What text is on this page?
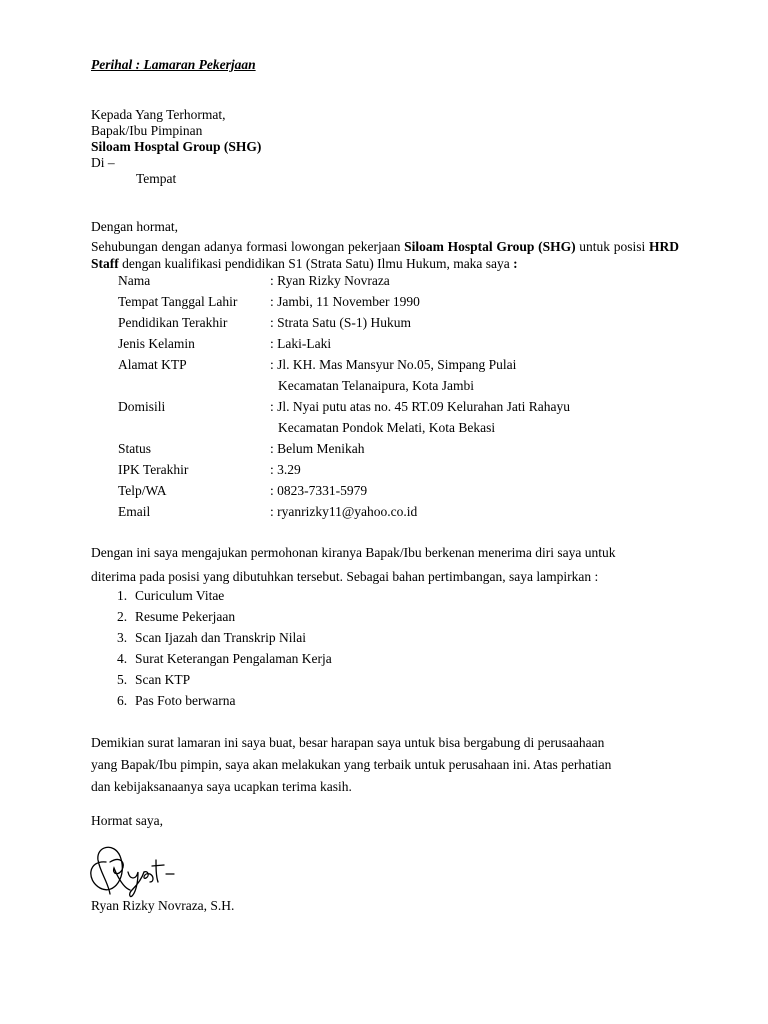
Perihal : Lamaran Pekerjaan
Kepada Yang Terhormat,
Bapak/Ibu Pimpinan
Siloam Hosptal Group (SHG)
Di –
Tempat
Dengan hormat,
Sehubungan dengan adanya formasi lowongan pekerjaan Siloam Hosptal Group (SHG) untuk posisi HRD Staff dengan kualifikasi pendidikan S1 (Strata Satu) Ilmu Hukum, maka saya :
Nama	: Ryan Rizky Novraza
Tempat Tanggal Lahir : Jambi, 11 November 1990
Pendidikan Terakhir	: Strata Satu (S-1) Hukum
Jenis Kelamin	: Laki-Laki
Alamat KTP	: Jl. KH. Mas Mansyur No.05, Simpang Pulai
Kecamatan Telanaipura, Kota Jambi
Domisili	: Jl. Nyai putu atas no. 45 RT.09 Kelurahan Jati Rahayu
Kecamatan Pondok Melati, Kota Bekasi
Status	: Belum Menikah
IPK Terakhir	: 3.29
Telp/WA	: 0823-7331-5979
Email	: ryanrizky11@yahoo.co.id
Dengan ini saya mengajukan permohonan kiranya Bapak/Ibu berkenan menerima diri saya untuk
diterima pada posisi yang dibutuhkan tersebut. Sebagai bahan pertimbangan, saya lampirkan :
1. Curiculum Vitae
2. Resume Pekerjaan
3. Scan Ijazah dan Transkrip Nilai
4. Surat Keterangan Pengalaman Kerja
5. Scan KTP
6. Pas Foto berwarna
Demikian surat lamaran ini saya buat, besar harapan saya untuk bisa bergabung di perusaahaan
yang Bapak/Ibu pimpin, saya akan melakukan yang terbaik untuk perusahaan ini. Atas perhatian
dan kebijaksanaanya saya ucapkan terima kasih.
Hormat saya,
Ryan Rizky Novraza, S.H.
